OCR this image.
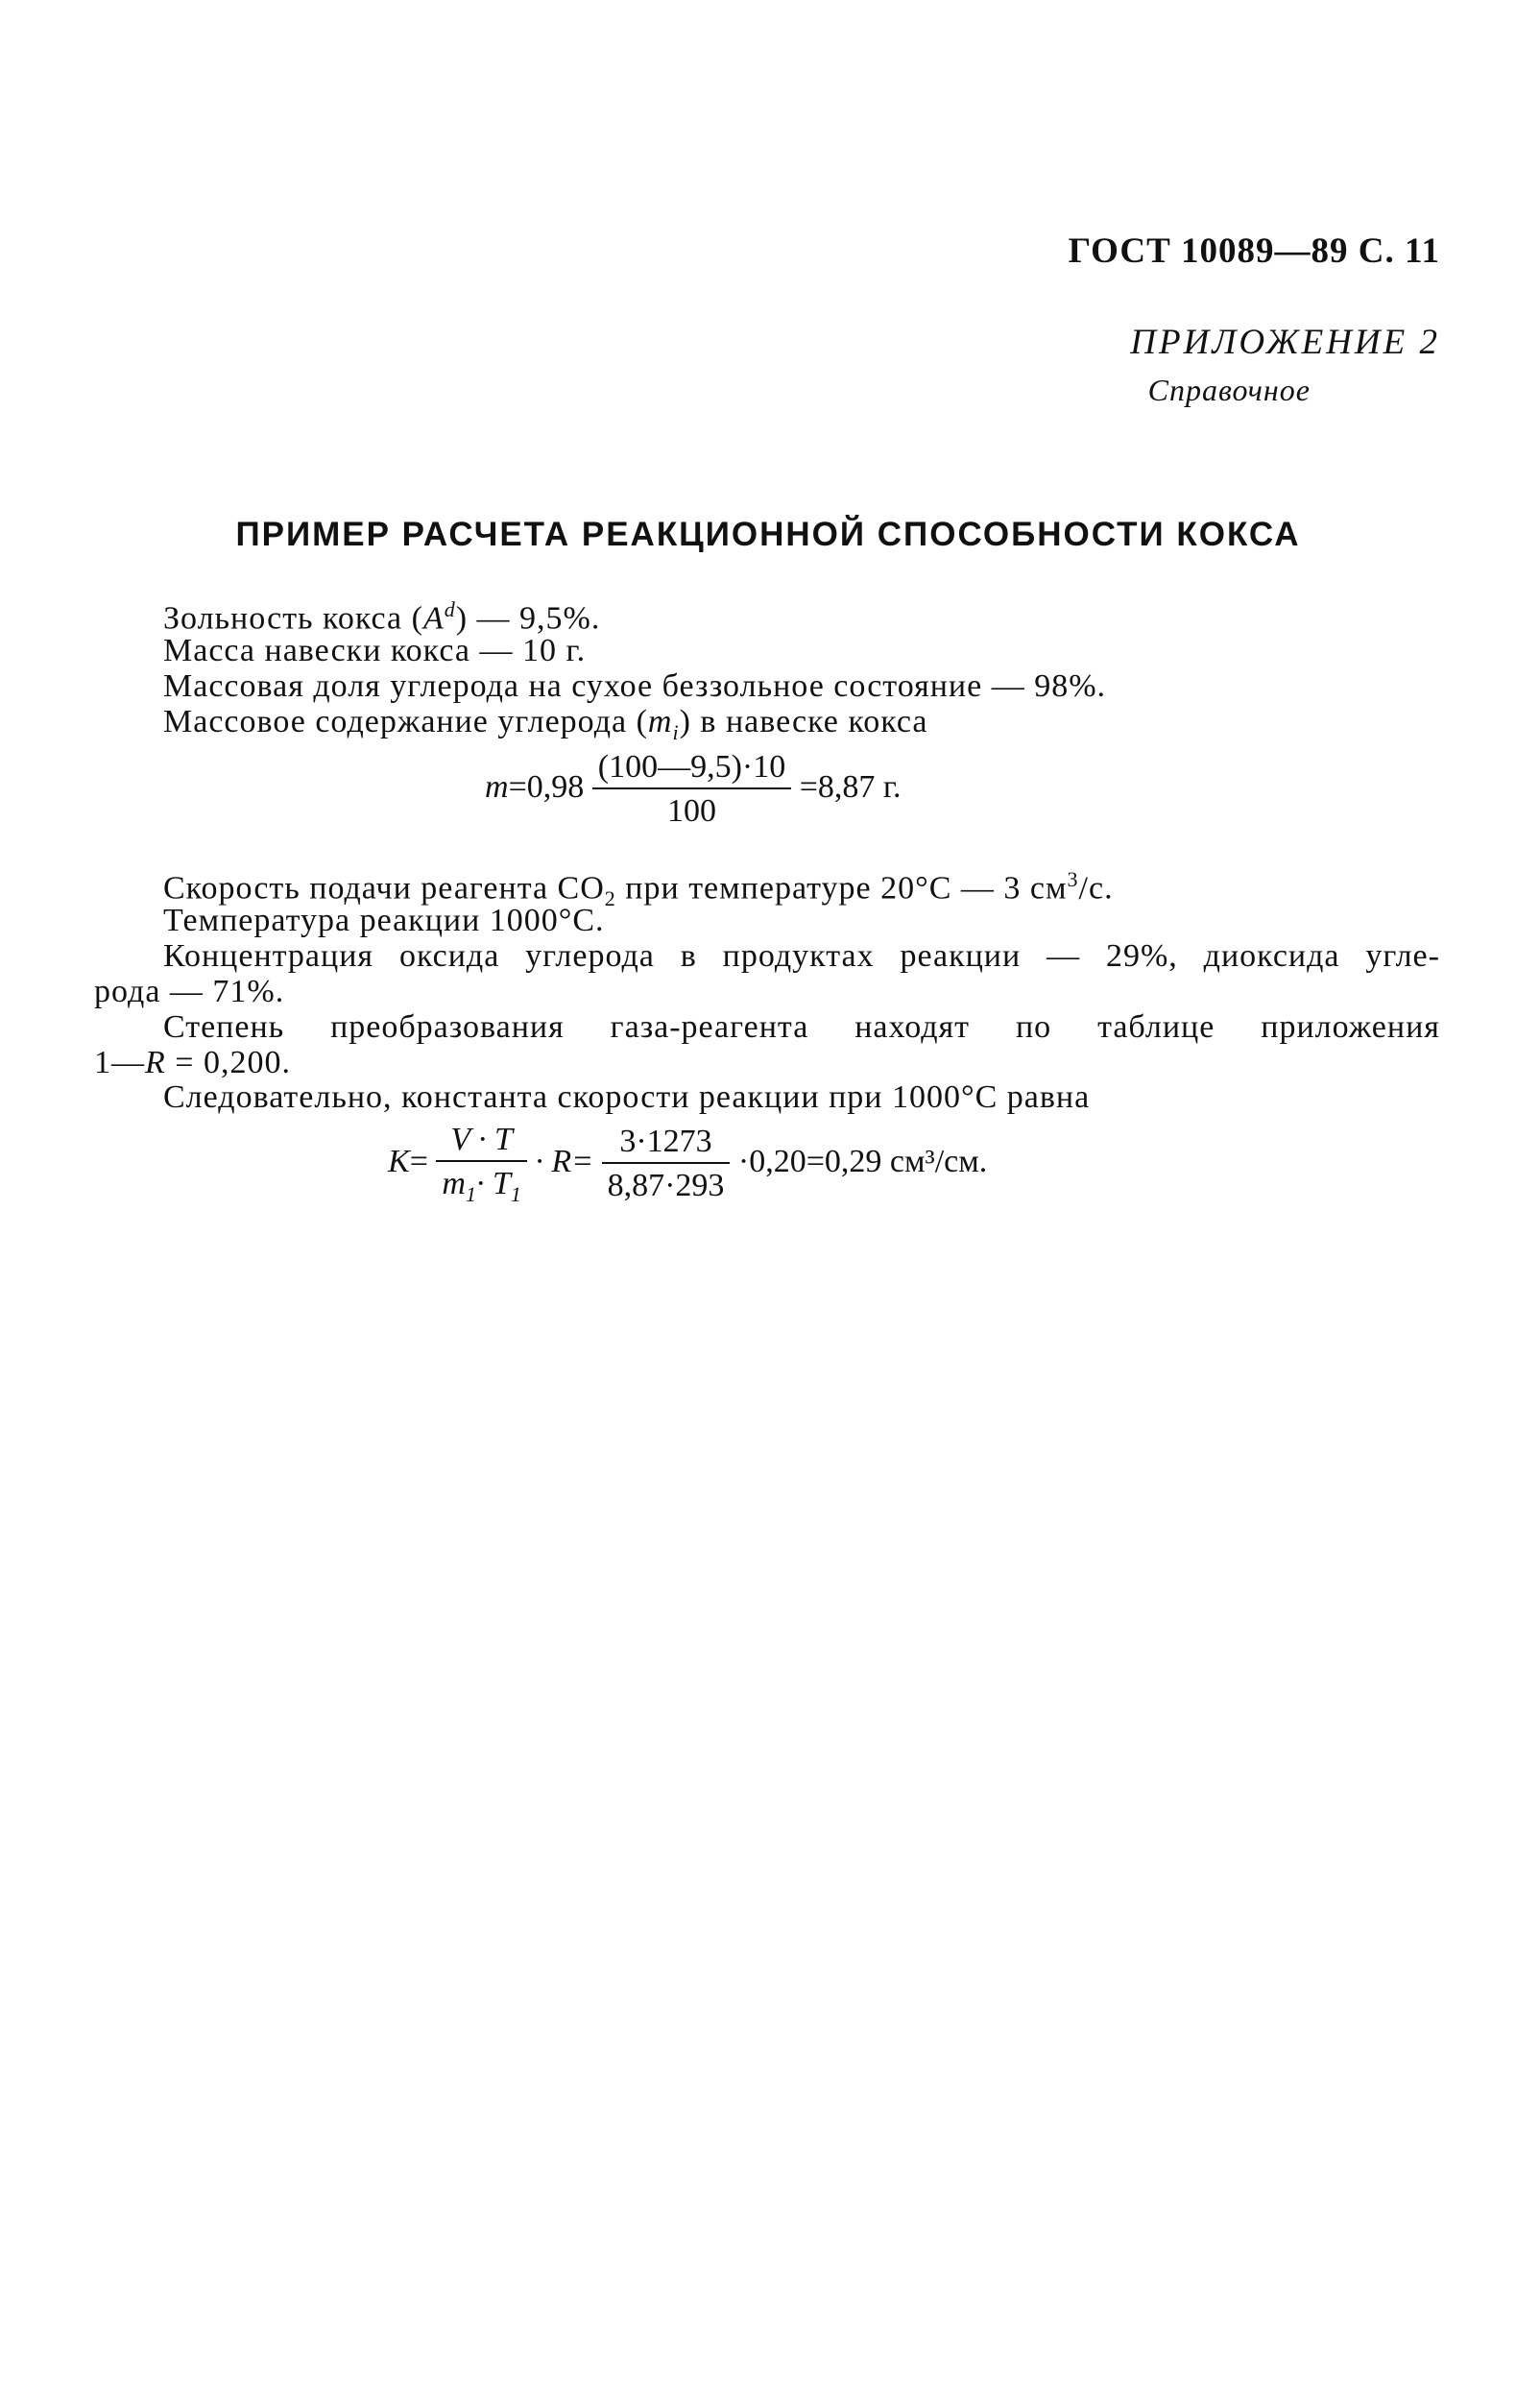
ГОСТ 10089—89 С. 11
ПРИЛОЖЕНИЕ 2
Справочное
ПРИМЕР РАСЧЕТА РЕАКЦИОННОЙ СПОСОБНОСТИ КОКСА
Зольность кокса $(A^d)$ — 9,5%.
Масса навески кокса — 10 г.
Массовая доля углерода на сухое беззольное состояние — 98%.
Массовое содержание углерода $(m_i)$ в навеске кокса
$m=0,98 \frac{(100—9,5)\cdot 10}{100} =8,87$ г.
Скорость подачи реагента $CO_2$ при температуре 20°C — 3 $см^3/с$.
Температура реакции 1000°C.
Концентрация оксида углерода в продуктах реакции — 29%, диоксида угле-
рода — 71%.
Степень преобразования газа-реагента находят по таблице приложения
1—R = 0,200.
Следовательно, константа скорости реакции при 1000°C равна
$K= \frac{V \cdot T}{m_1\cdot T_1} \cdot R= \frac{3\cdot 1273}{8,87\cdot 293} \cdot 0,20=0,29$ см³/см.
